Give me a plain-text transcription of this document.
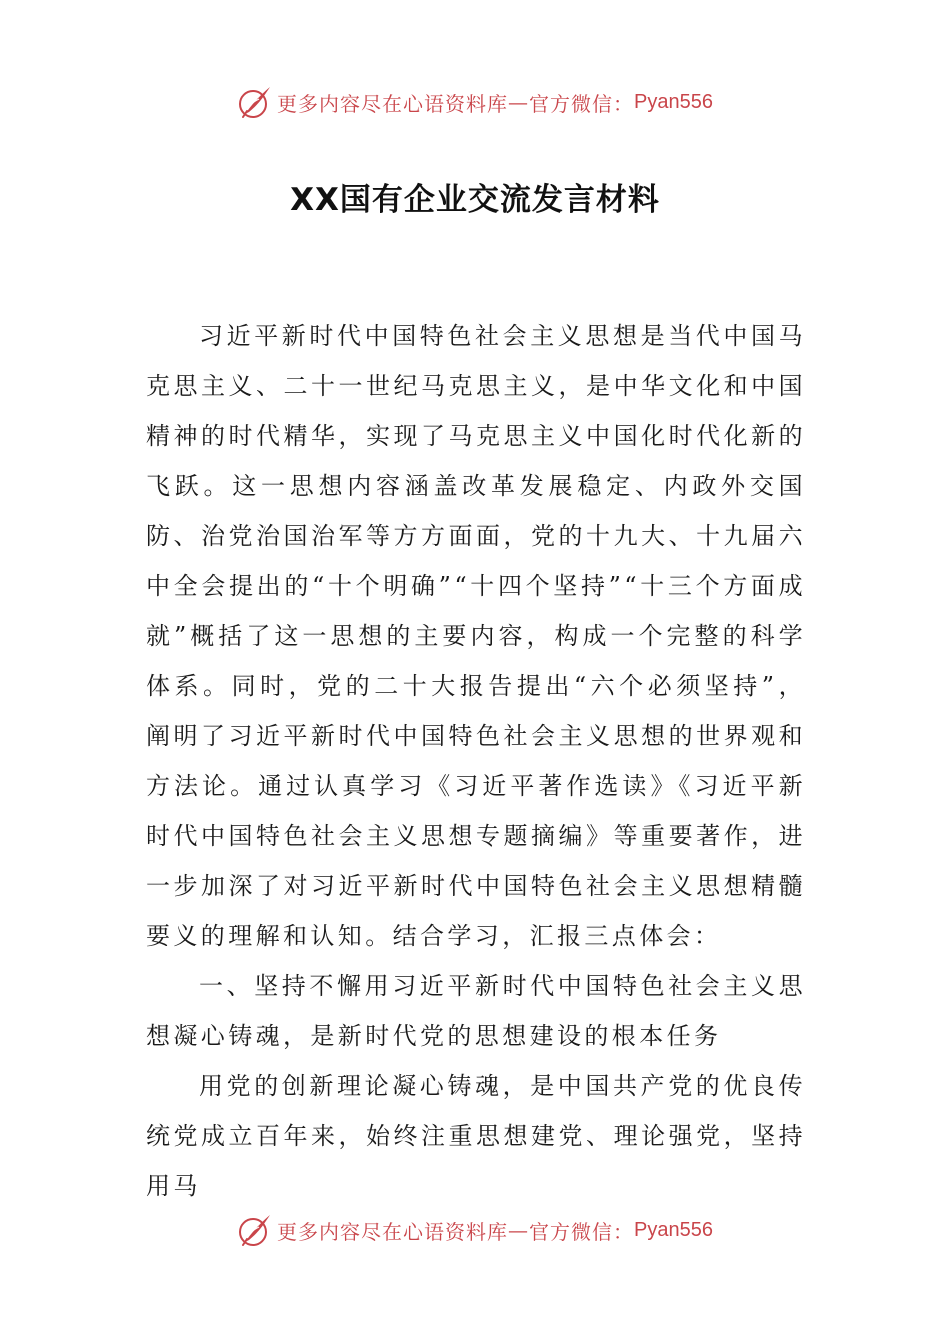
更多内容尽在心语资料库 — 官方微信： Pyan556
XX国有企业交流发言材料

习近平新时代中国特色社会主义思想是当代中国马克思主义、二十一世纪马克思主义，是中华文化和中国精神的时代精华，实现了马克思主义中国化时代化新的飞跃。这一思想内容涵盖改革发展稳定、内政外交国防、治党治国治军等方方面面，党的十九大、十九届六中全会提出的“十个明确”“十四个坚持”“十三个方面成就”概括了这一思想的主要内容，构成一个完整的科学体系。同时，党的二十大报告提出“六个必须坚持”，阐明了习近平新时代中国特色社会主义思想的世界观和方法论。通过认真学习《习近平著作选读》《习近平新时代中国特色社会主义思想专题摘编》等重要著作，进一步加深了对习近平新时代中国特色社会主义思想精髓要义的理解和认知。结合学习，汇报三点体会：

一、坚持不懈用习近平新时代中国特色社会主义思想凝心铸魂，是新时代党的思想建设的根本任务

用党的创新理论凝心铸魂，是中国共产党的优良传统党成立百年来，始终注重思想建党、理论强党，坚持用马

更多内容尽在心语资料库 — 官方微信： Pyan556
